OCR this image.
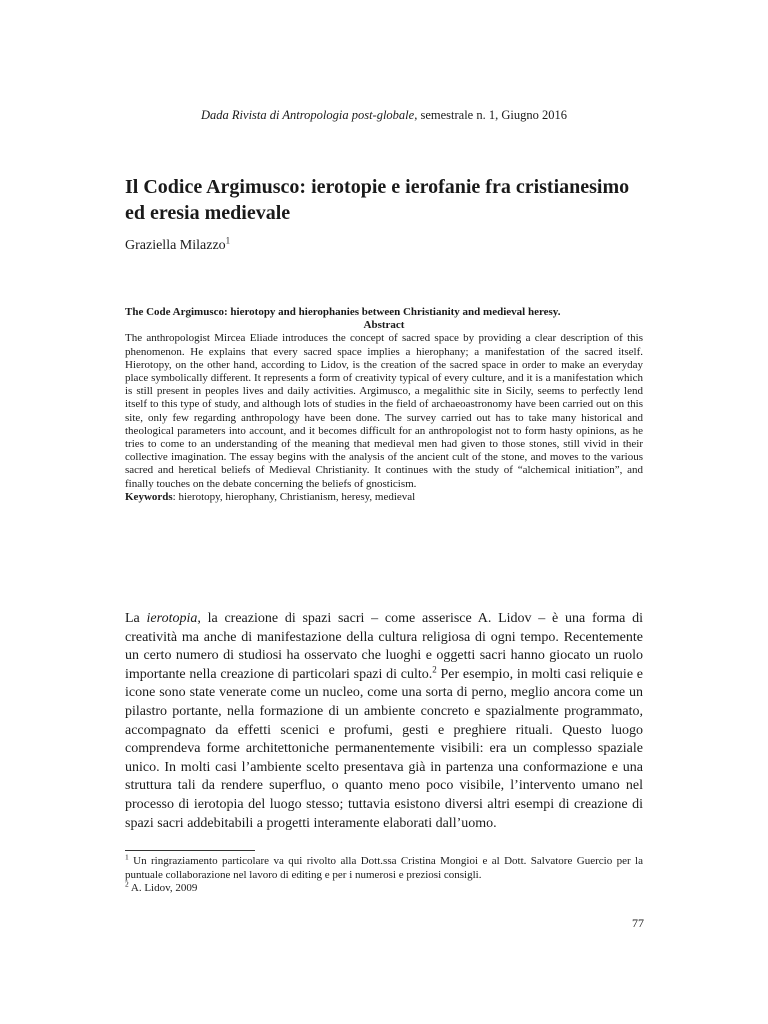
Dada Rivista di Antropologia post-globale, semestrale n. 1, Giugno 2016
Il Codice Argimusco: ierotopie e ierofanie fra cristianesimo ed eresia medievale
Graziella Milazzo$^1$

The Code Argimusco: hierotopy and hierophanies between Christianity and medieval heresy.

Abstract

The anthropologist Mircea Eliade introduces the concept of sacred space by providing a clear description of this phenomenon. He explains that every sacred space implies a hierophany; a manifestation of the sacred itself. Hierotopy, on the other hand, according to Lidov, is the creation of the sacred space in order to make an everyday place symbolically different. It represents a form of creativity typical of every culture, and it is a manifestation which is still present in peoples lives and daily activities. Argimusco, a megalithic site in Sicily, seems to perfectly lend itself to this type of study, and although lots of studies in the field of archaeoastronomy have been carried out on this site, only few regarding anthropology have been done. The survey carried out has to take many historical and theological parameters into account, and it becomes difficult for an anthropologist not to form hasty opinions, as he tries to come to an understanding of the meaning that medieval men had given to those stones, still vivid in their collective imagination. The essay begins with the analysis of the ancient cult of the stone, and moves to the various sacred and heretical beliefs of Medieval Christianity. It continues with the study of “alchemical initiation”, and finally touches on the debate concerning the beliefs of gnosticism.

Keywords: hierotopy, hierophany, Christianism, heresy, medieval

La ierotopia, la creazione di spazi sacri – come asserisce A. Lidov – è una forma di creatività ma anche di manifestazione della cultura religiosa di ogni tempo. Recentemente un certo numero di studiosi ha osservato che luoghi e oggetti sacri hanno giocato un ruolo importante nella creazione di particolari spazi di culto.$^2$ Per esempio, in molti casi reliquie e icone sono state venerate come un nucleo, come una sorta di perno, meglio ancora come un pilastro portante, nella formazione di un ambiente concreto e spazialmente programmato, accompagnato da effetti scenici e profumi, gesti e preghiere rituali. Questo luogo comprendeva forme architettoniche permanentemente visibili: era un complesso spaziale unico. In molti casi l’ambiente scelto presentava già in partenza una conformazione e una struttura tali da rendere superfluo, o quanto meno poco visibile, l’intervento umano nel processo di ierotopia del luogo stesso; tuttavia esistono diversi altri esempi di creazione di spazi sacri addebitabili a progetti interamente elaborati dall’uomo.

$^1$ Un ringraziamento particolare va qui rivolto alla Dott.ssa Cristina Mongioi e al Dott. Salvatore Guercio per la puntuale collaborazione nel lavoro di editing e per i numerosi e preziosi consigli.

$^2$ A. Lidov, 2009

77
